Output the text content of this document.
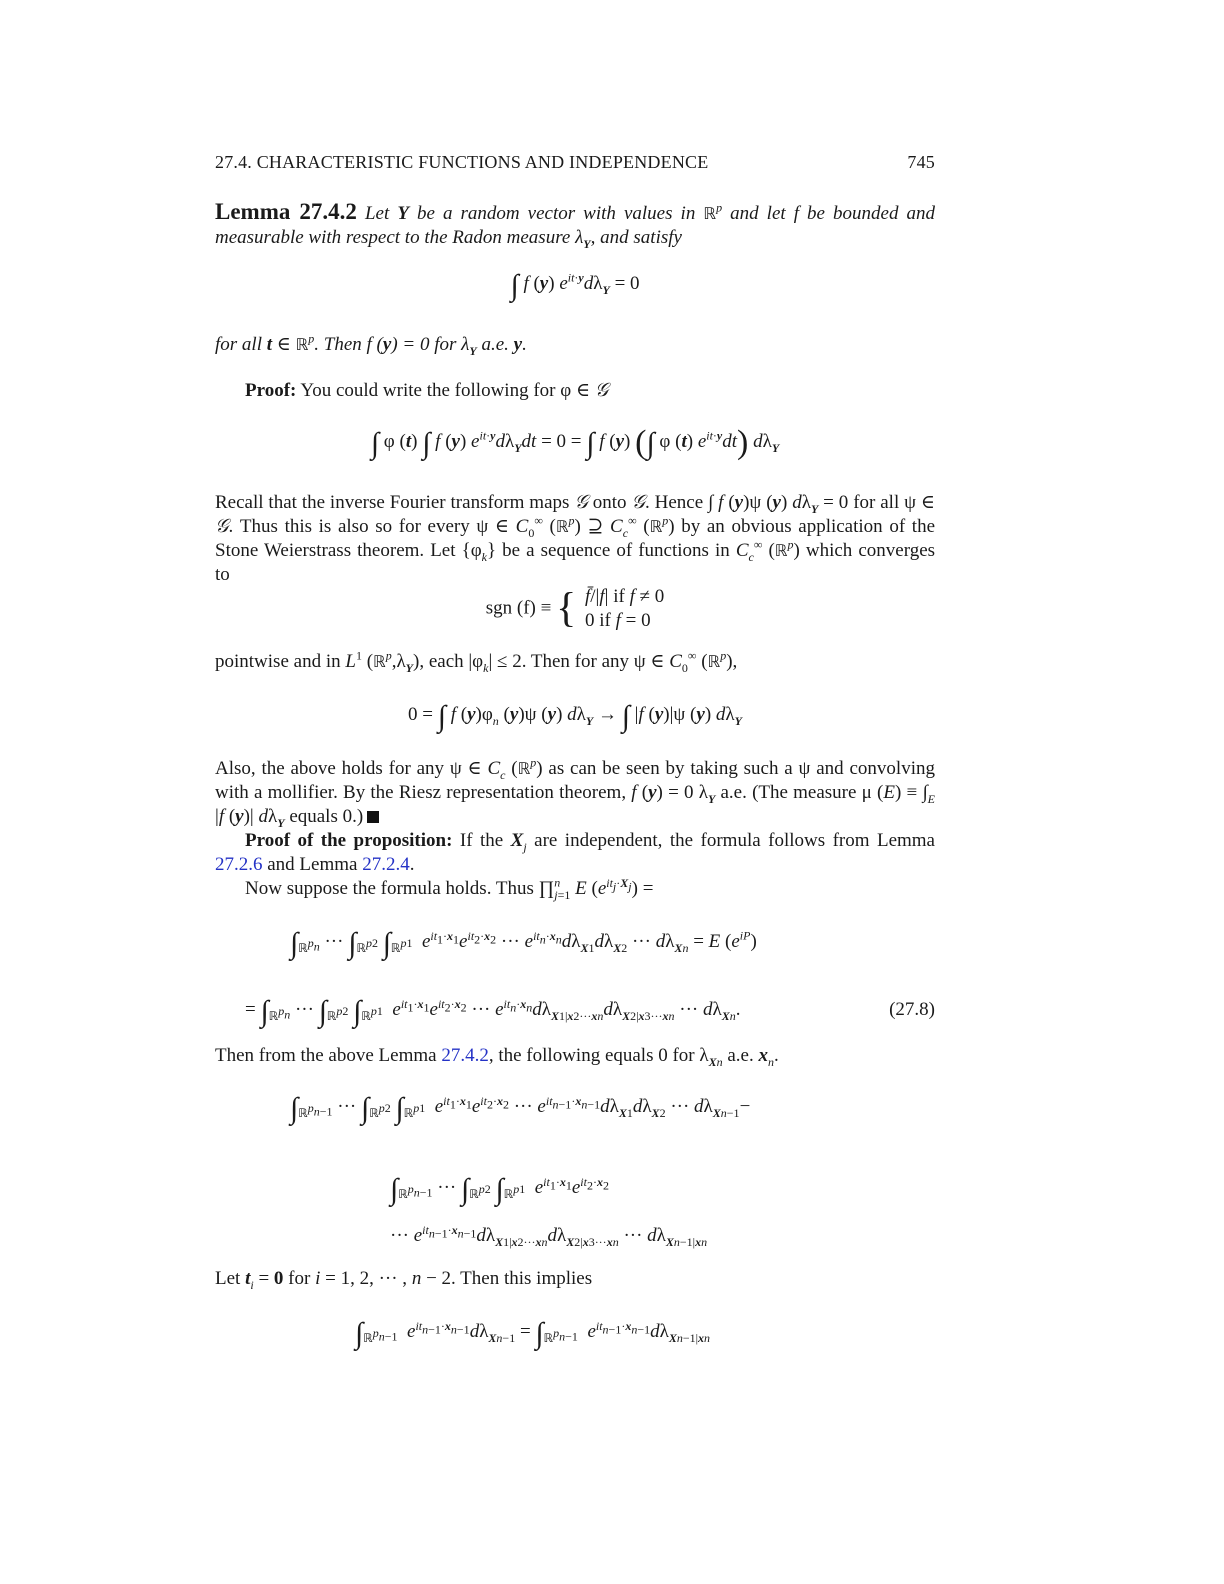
27.4. CHARACTERISTIC FUNCTIONS AND INDEPENDENCE	745
Lemma 27.4.2 Let Y be a random vector with values in ℝ$^p$ and let f be bounded and measurable with respect to the Radon measure $\lambda_Y$, and satisfy
∫ f (y) $e^{it\cdot y}d\lambda_Y = 0$
for all t ∈ ℝ$^p$. Then f (y) = 0 for $\lambda_Y$ a.e. y.
Proof: You could write the following for φ ∈ 𝒢
∫ φ (t) ∫ f (y) $e^{it\cdot y}d\lambda_Ydt = 0$ = ∫ f (y) (∫ φ (t) $e^{it\cdot y}dt$) $d\lambda_Y$
Recall that the inverse Fourier transform maps 𝒢 onto 𝒢. Hence ∫ f (y)ψ (y) $d\lambda_Y = 0$ for all ψ ∈ 𝒢. Thus this is also so for every ψ ∈ $C_0^\infty$ (ℝ$^p$) ⊇ $C_c^\infty$ (ℝ$^p$) by an obvious application of the Stone Weierstrass theorem. Let $\{\varphi_k\}$ be a sequence of functions in $C_c^\infty$ (ℝ$^p$) which converges to
sgn (f) ≡ { f̄/|f| if f ≠ 0
0 if f = 0
pointwise and in $L^1$ $(ℝ^p,\lambda_Y)$, each $|\varphi_k| \le 2$. Then for any ψ ∈ $C_0^\infty$ (ℝ$^p$),
0 = ∫ f $(y)\varphi_n$ (y)ψ (y) $d\lambda_Y$ → ∫ |f (y)|ψ (y) $d\lambda_Y$
Also, the above holds for any ψ ∈ $C_c$ (ℝ$^p$) as can be seen by taking such a ψ and convolving with a mollifier. By the Riesz representation theorem, f (y) = 0 $\lambda_Y$ a.e. (The measure μ $(E) \equiv \int_E$ |f (y)| $d\lambda_Y$ equals 0.)
Proof of the proposition: If the $X_j$ are independent, the formula follows from Lemma 27.2.6 and Lemma 27.2.4.
Now suppose the formula holds. Thus ∏$^n_{j=1}$ E $(e^{it_j\cdot X_j})$ =
$\int_{ℝ^{p_n}}$ ··· $\int_{ℝ^{p2}}$ $\int_{ℝ^{p1}}$ $e^{it_1\cdot x_1}e^{it_2\cdot x_2}$ ··· $e^{it_n\cdot x_n}d\lambda_{X1}d\lambda_{X2}$ ··· $d\lambda_{Xn} = E$ $(e^{iP})$
= $\int_{ℝ^{p_n}}$ ··· $\int_{ℝ^{p2}}$ $\int_{ℝ^{p1}}$ $e^{it_1\cdot x_1}e^{it_2\cdot x_2}$ ··· $e^{it_n\cdot x_n}d\lambda_{X1|x2\cdot\cdot\cdot xn}d\lambda_{X2|x3\cdot\cdot\cdot xn}$ ··· $d\lambda_{Xn}$.	(27.8)
Then from the above Lemma 27.4.2, the following equals 0 for $\lambda_{Xn}$ a.e. $x_n$.
$\int_{ℝ^{p_{n-1}}}$ ··· $\int_{ℝ^{p2}}$ $\int_{ℝ^{p1}}$ $e^{it_1\cdot x_1}e^{it_2\cdot x_2}$ ··· $e^{it_{n-1}\cdot x_{n-1}}d\lambda_{X1}d\lambda_{X2}$ ··· $d\lambda_{Xn-1}-$
$\int_{ℝ^{p_{n-1}}}$ ··· $\int_{ℝ^{p2}}$ $\int_{ℝ^{p1}}$ $e^{it_1\cdot x_1}e^{it_2\cdot x_2}$
··· $e^{it_{n-1}\cdot x_{n-1}}d\lambda_{X1|x2\cdot\cdot\cdot xn}d\lambda_{X2|x3\cdot\cdot\cdot xn}$ ··· $d\lambda_{Xn-1|xn}$
Let $t_i = 0$ for i = 1, 2, ··· , n − 2. Then this implies
$\int_{ℝ^{p_{n-1}}}$ $e^{it_{n-1}\cdot x_{n-1}}d\lambda_{Xn-1} = \int_{ℝ^{p_{n-1}}}$ $e^{it_{n-1}\cdot x_{n-1}}d\lambda_{Xn-1|xn}$
